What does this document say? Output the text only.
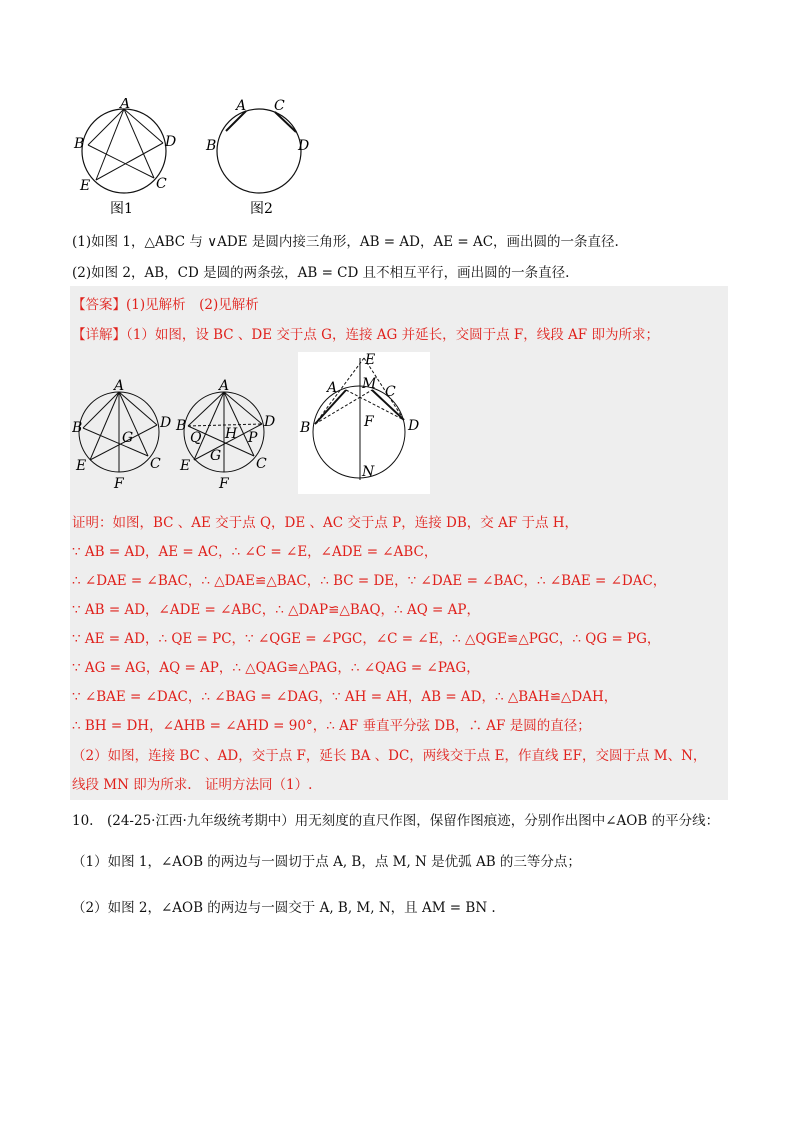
A
B	D
E	C
图1
A C
B	D
图2
(1)如图 1，△ABC 与 ∨ADE 是圆内接三角形，AB = AD，AE = AC，画出圆的一条直径.
(2)如图 2，AB，CD 是圆的两条弦，AB = CD 且不相互平行，画出圆的一条直径.
【答案】(1)见解析　(2)见解析
【详解】（1）如图，设 BC 、DE 交于点 G，连接 AG 并延长，交圆于点 F，线段 AF 即为所求；
A
B	D
G
E	C
F
A
B	D
Q H P
G
E	C
F
E
A M C
F
B	D
N
证明：如图，BC 、AE 交于点 Q，DE 、AC 交于点 P，连接 DB，交 AF 于点 H，
∵ AB = AD，AE = AC，∴ ∠C = ∠E，∠ADE = ∠ABC，
∴ ∠DAE = ∠BAC，∴ △DAE≌△BAC，∴ BC = DE，∵ ∠DAE = ∠BAC，∴ ∠BAE = ∠DAC，
∵ AB = AD，∠ADE = ∠ABC，∴ △DAP≌△BAQ，∴ AQ = AP，
∵ AE = AD，∴ QE = PC，∵ ∠QGE = ∠PGC，∠C = ∠E，∴ △QGE≌△PGC，∴ QG = PG，
∵ AG = AG，AQ = AP，∴ △QAG≌△PAG，∴ ∠QAG = ∠PAG，
∵ ∠BAE = ∠DAC，∴ ∠BAG = ∠DAG，∵ AH = AH，AB = AD，∴ △BAH≌△DAH，
∴ BH = DH，∠AHB = ∠AHD = 90°，∴ AF 垂直平分弦 DB，∴ AF 是圆的直径；
（2）如图，连接 BC 、AD，交于点 F，延长 BA 、DC，两线交于点 E，作直线 EF，交圆于点 M、N，
线段 MN 即为所求.　证明方法同（1）.
10.　(24-25·江西·九年级统考期中）用无刻度的直尺作图，保留作图痕迹，分别作出图中∠AOB 的平分线：
（1）如图 1，∠AOB 的两边与一圆切于点 A, B，点 M, N 是优弧 AB 的三等分点；
（2）如图 2，∠AOB 的两边与一圆交于 A, B, M, N，且 AM = BN .
